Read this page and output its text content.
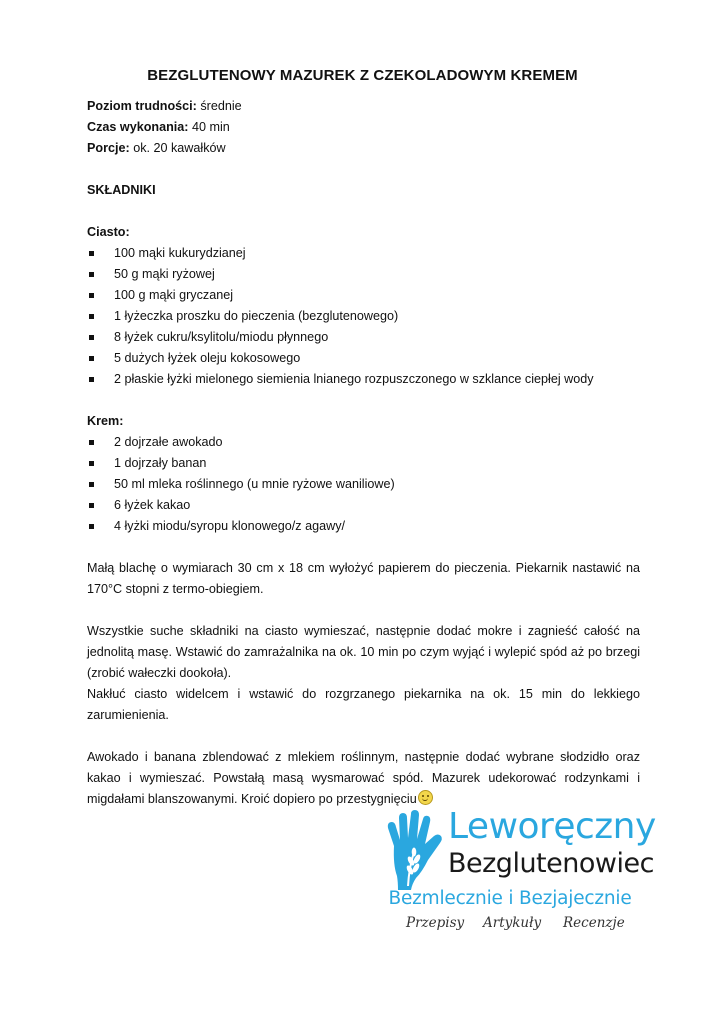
BEZGLUTENOWY MAZUREK Z CZEKOLADOWYM KREMEM
Poziom trudności: średnie
Czas wykonania: 40 min
Porcje: ok. 20 kawałków
SKŁADNIKI
Ciasto:
100 mąki kukurydzianej
50 g mąki ryżowej
100 g mąki gryczanej
1 łyżeczka proszku do pieczenia (bezglutenowego)
8 łyżek cukru/ksylitolu/miodu płynnego
5 dużych łyżek oleju kokosowego
2 płaskie łyżki mielonego siemienia lnianego rozpuszczonego w szklance ciepłej wody
Krem:
2 dojrzałe awokado
1 dojrzały banan
50 ml mleka roślinnego (u mnie ryżowe waniliowe)
6 łyżek kakao
4 łyżki miodu/syropu klonowego/z agawy/

Małą blachę o wymiarach 30 cm x 18 cm wyłożyć papierem do pieczenia. Piekarnik nastawić na 170°C stopni z termo-obiegiem.

Wszystkie suche składniki na ciasto wymieszać, następnie dodać mokre i zagnieść całość na jednolitą masę. Wstawić do zamrażalnika na ok. 10 min po czym wyjąć i wylepić spód aż po brzegi (zrobić wałeczki dookoła).

Nakłuć ciasto widelcem i wstawić do rozgrzanego piekarnika na ok. 15 min do lekkiego zarumienienia.

Awokado i banana zblendować z mlekiem roślinnym, następnie dodać wybrane słodzidło oraz kakao i wymieszać. Powstałą masą wysmarować spód. Mazurek udekorować rodzynkami i migdałami blanszowanymi. Kroić dopiero po przestygnięciu

Leworęczny
Bezglutenowiec
Bezmlecznie i Bezjajecznie
Przepisy Artykuły Recenzje
